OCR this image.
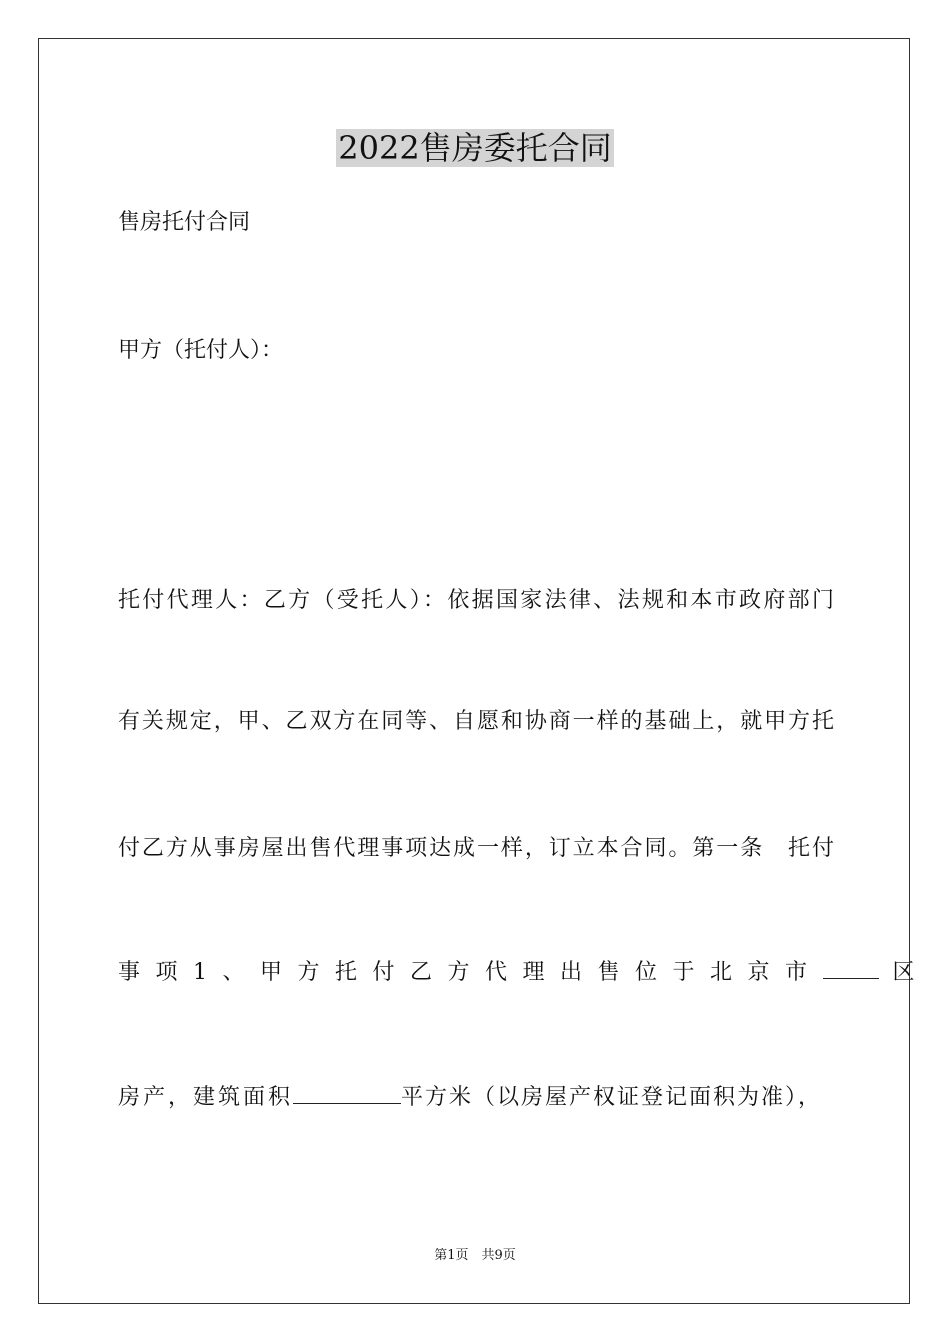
2022售房委托合同
售房托付合同
甲方（托付人）：
托付代理人：乙方（受托人）：依据国家法律、法规和本市政府部门
有关规定，甲、乙双方在同等、自愿和协商一样的基础上，就甲方托
付乙方从事房屋出售代理事项达成一样，订立本合同。第一条　托付
事项1、甲方托付乙方代理出售位于北京市	区
房产，建筑面积	平方米（以房屋产权证登记面积为准），
第1页　共9页
